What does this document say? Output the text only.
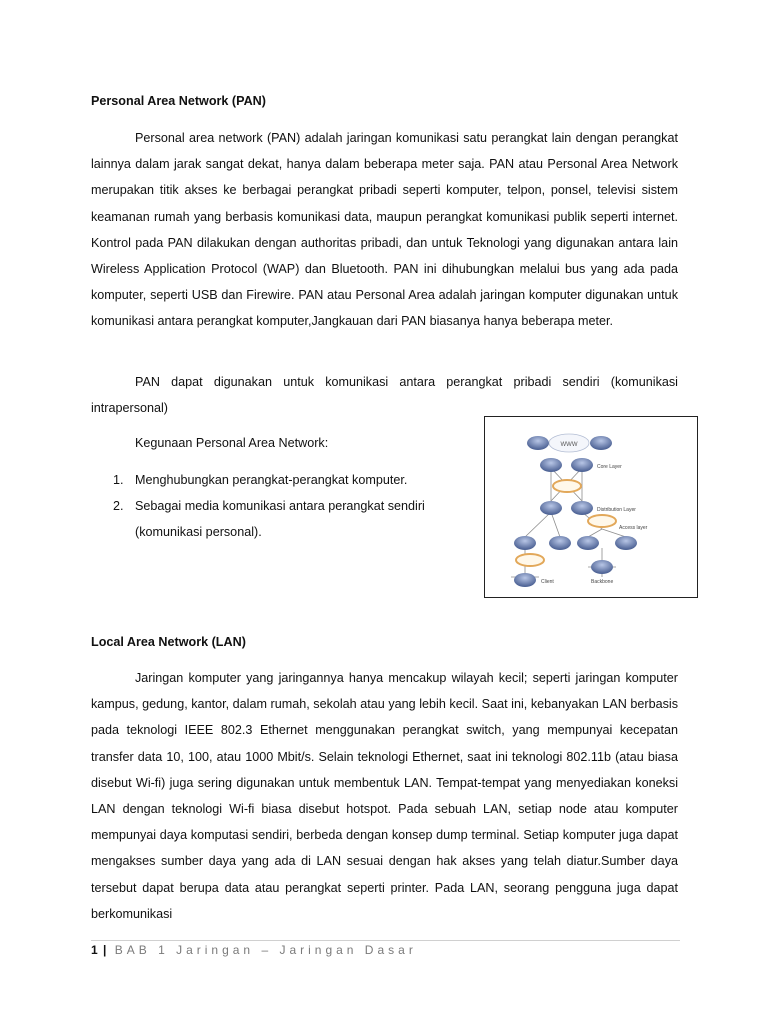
Personal Area Network (PAN)

Personal area network (PAN) adalah jaringan komunikasi satu perangkat lain dengan perangkat lainnya dalam jarak sangat dekat, hanya dalam beberapa meter saja. PAN atau Personal Area Network merupakan titik akses ke berbagai perangkat pribadi seperti komputer, telpon, ponsel, televisi sistem keamanan rumah yang berbasis komunikasi data, maupun perangkat komunikasi publik seperti internet. Kontrol pada PAN dilakukan dengan authoritas pribadi, dan untuk Teknologi yang digunakan antara lain Wireless Application Protocol (WAP) dan Bluetooth. PAN ini dihubungkan melalui bus yang ada pada komputer, seperti USB dan Firewire. PAN atau Personal Area adalah jaringan komputer digunakan untuk komunikasi antara perangkat komputer,Jangkauan dari PAN biasanya hanya beberapa meter.

PAN dapat digunakan untuk komunikasi antara perangkat pribadi sendiri (komunikasi intrapersonal)

Kegunaan Personal Area Network:
1. Menghubungkan perangkat-perangkat komputer.
2. Sebagai media komunikasi antara perangkat sendiri (komunikasi personal).
Local Area Network (LAN)

Jaringan komputer yang jaringannya hanya mencakup wilayah kecil; seperti jaringan komputer kampus, gedung, kantor, dalam rumah, sekolah atau yang lebih kecil. Saat ini, kebanyakan LAN berbasis pada teknologi IEEE 802.3 Ethernet menggunakan perangkat switch, yang mempunyai kecepatan transfer data 10, 100, atau 1000 Mbit/s. Selain teknologi Ethernet, saat ini teknologi 802.11b (atau biasa disebut Wi-fi) juga sering digunakan untuk membentuk LAN. Tempat-tempat yang menyediakan koneksi LAN dengan teknologi Wi-fi biasa disebut hotspot. Pada sebuah LAN, setiap node atau komputer mempunyai daya komputasi sendiri, berbeda dengan konsep dump terminal. Setiap komputer juga dapat mengakses sumber daya yang ada di LAN sesuai dengan hak akses yang telah diatur.Sumber daya tersebut dapat berupa data atau perangkat seperti printer. Pada LAN, seorang pengguna juga dapat berkomunikasi

WWW
Core Layer
Distribution Layer
Access layer
Client	Backbone
1 | BAB 1 Jaringan – Jaringan Dasar
